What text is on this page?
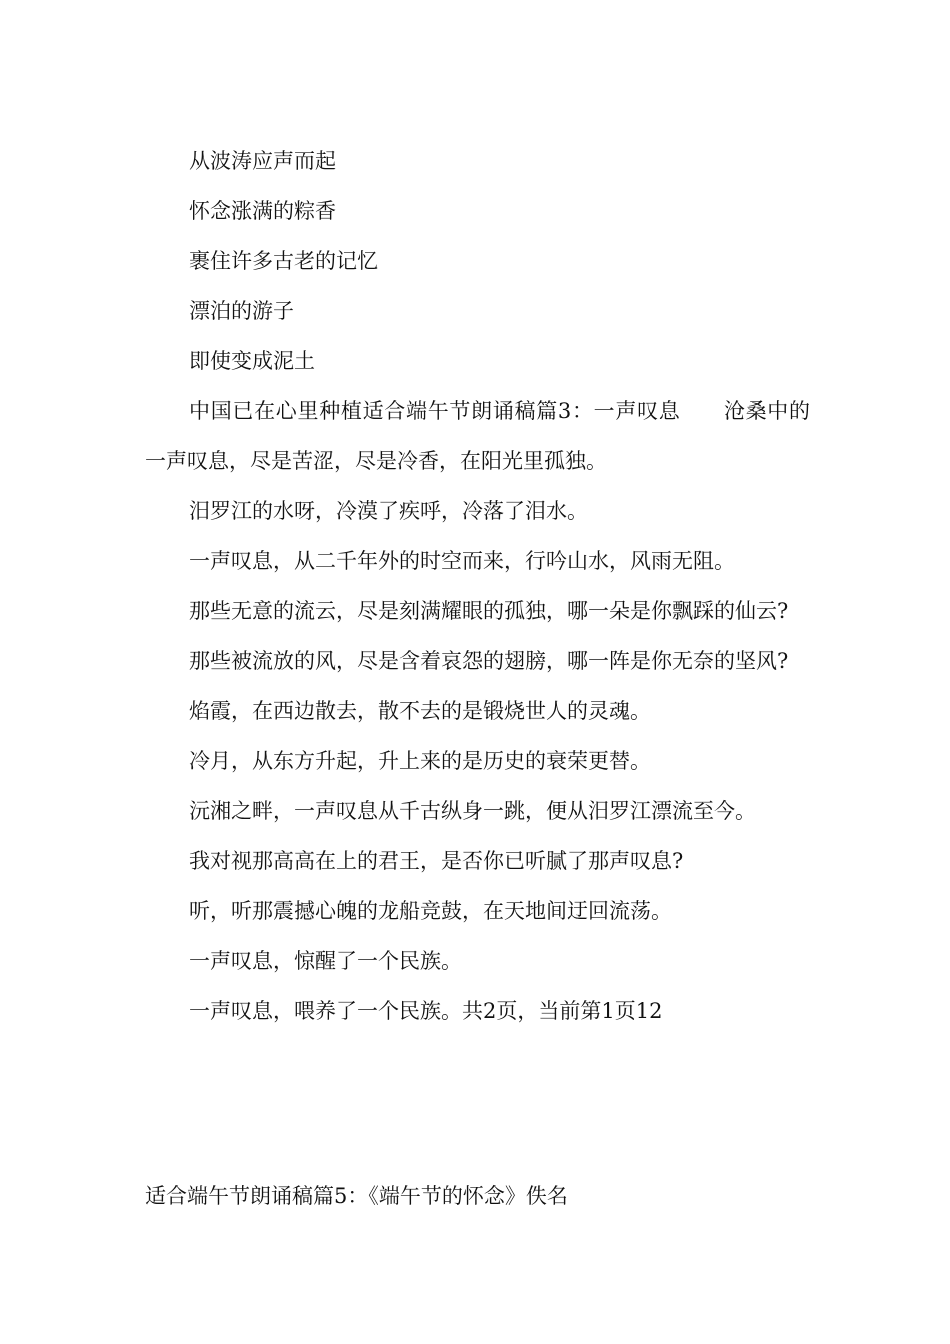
从波涛应声而起
怀念涨满的粽香
裹住许多古老的记忆
漂泊的游子
即使变成泥土

中国已在心里种植适合端午节朗诵稿篇3：一声叹息　　沧桑中的一声叹息，尽是苦涩，尽是冷香，在阳光里孤独。

汨罗江的水呀，冷漠了疾呼，冷落了泪水。

一声叹息，从二千年外的时空而来，行吟山水，风雨无阻。

那些无意的流云，尽是刻满耀眼的孤独，哪一朵是你飘踩的仙云?

那些被流放的风，尽是含着哀怨的翅膀，哪一阵是你无奈的坚风?

焰霞，在西边散去，散不去的是锻烧世人的灵魂。

冷月，从东方升起，升上来的是历史的衰荣更替。

沅湘之畔，一声叹息从千古纵身一跳，便从汨罗江漂流至今。

我对视那高高在上的君王，是否你已听腻了那声叹息?

听，听那震撼心魄的龙船竞鼓，在天地间迂回流荡。

一声叹息，惊醒了一个民族。

一声叹息，喂养了一个民族。共2页，当前第1页12

适合端午节朗诵稿篇5：《端午节的怀念》佚名
